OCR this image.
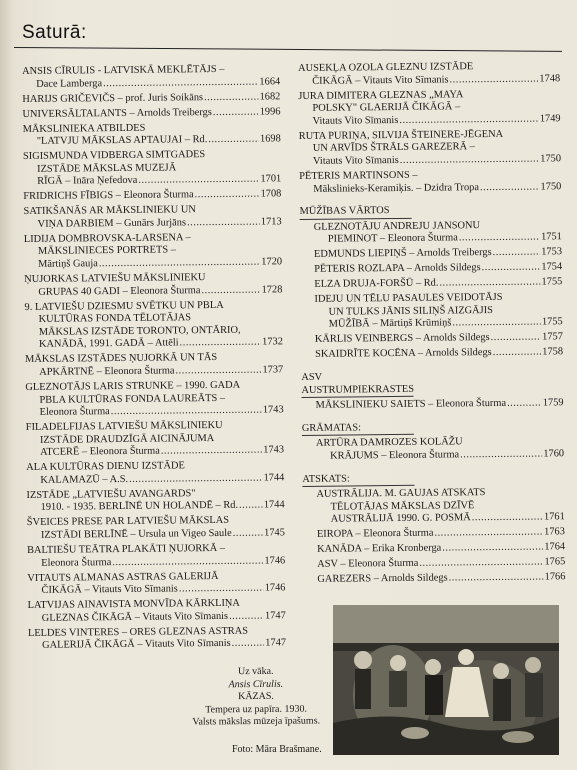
Saturā:
ANSIS CĪRULIS - LATVISKĀ MEKLĒTĀJS –
Dace Lamberga .....	1664
HARIJS GRIČEVIČS – prof. Juris Soikāns .....	1682
UNIVERSĀLTALANTS – Arnolds Treibergs .....	1996
MĀKSLINIEKA ATBILDES
"LATVJU MĀKSLAS APTAUJAI – Rd. .....	1698
SIGISMUNDA VIDBERGA SIMTGADES
IZSTĀDE MĀKSLAS MUZEJĀ
RĪGĀ – Ināra Ņefedova .....	1701
FRIDRICHS FĪBIGS – Eleonora Šturma .....	1708
SATIKŠANĀS AR MĀKSLINIEKU UN
VIŅA DARBIEM – Gunārs Jurjāns .....	1713
LIDIJA DOMBROVSKA-LARSENA –
MĀKSLINIECES PORTRETS –
Mārtiņš Gauja .....	1720
ŅUJORKAS LATVIEŠU MĀKSLINIEKU
GRUPAS 40 GADI – Eleonora Šturma .....	1728
9. LATVIEŠU DZIESMU SVĒTKU UN PBLA
KULTŪRAS FONDA TĒLOTĀJAS
MĀKSLAS IZSTĀDE TORONTO, ONTĀRIO,
KANĀDĀ, 1991. GADĀ – Attēli .....	1732
MĀKSLAS IZSTĀDES ŅUJORKĀ UN TĀS
APKĀRTNĒ – Eleonora Šturma .....	1737
GLEZNOTĀJS LARIS STRUNKE – 1990. GADA
PBLA KULTŪRAS FONDA LAUREĀTS –
Eleonora Šturma .....	1743
FILADELFIJAS LATVIEŠU MĀKSLINIEKU
IZSTĀDE DRAUDZĪGĀ AICINĀJUMA
ATCERĒ – Eleonora Šturma .....	1743
ALA KULTŪRAS DIENU IZSTĀDE
KALAMAZŪ – A.S. .....	1744
IZSTĀDE „LATVIEŠU AVANGARDS"
1910. - 1935. BERLĪNĒ UN HOLANDĒ – Rd. ..... 1744
ŠVEICES PRESE PAR LATVIEŠU MĀKSLAS
IZSTĀDI BERLĪNĒ – Ursula un Vigeo Saule .....	1745
BALTIEŠU TEĀTRA PLAKĀTI ŅUJORKĀ –
Eleonora Šturma .....	1746
VITAUTS ALMANAS ASTRAS GALERIJĀ
ČIKĀGĀ – Vitauts Vito Sīmanis .....	1746
LATVIJAS AINAVISTA MONVĪDA KĀRKLIŅA
GLEZNAS ČIKĀGĀ – Vitauts Vito Sīmanis .....	1747
LELDES VINTERES – ORES GLEZNAS ASTRAS
GALERIJĀ ČIKĀGĀ – Vitauts Vito Sīmanis .....	1747
AUSEKĻA OZOLA GLEZNU IZSTĀDE
ČIKĀGĀ – Vitauts Vito Sīmanis .....	1748
JURA DIMITERA GLEZNAS „MAYA
POLSKY" GLAERIJĀ ČIKĀGĀ –
Vitauts Vito Sīmanis .....	1749
RUTA PURIŅA, SILVIJA ŠTEINERE-JĒGENA
UN ARVĪDS ŠTRĀLS GAREZERĀ –
Vitauts Vito Sīmanis .....	1750
PĒTERIS MARTINSONS –
Mākslinieks-Keramiķis. – Dzidra Tropa .....	1750
MŪŽĪBAS VĀRTOS
GLEZNOTĀJU ANDREJU JANSONU
PIEMINOT – Eleonora Šturma .....	1751
EDMUNDS LIEPIŅŠ – Arnolds Treibergs .....	1753
PĒTERIS ROZLAPA – Arnolds Sildegs .....	1754
ELZA DRUJA-FORŠŪ – Rd. .....	1755
IDEJU UN TĒLU PASAULES VEIDOTĀJS
UN TULKS JĀNIS SILIŅŠ AIZGĀJIS
MŪŽĪBĀ – Mārtiņš Krūmiņš .....	1755
KĀRLIS VEINBERGS – Arnolds Sildegs .....	1757
SKAIDRĪTE KOCĒNA – Arnolds Sildegs .....	1758
ASV AUSTRUMPIEKRASTES
MĀKSLINIEKU SAIETS – Eleonora Šturma .....	1759
GRĀMATAS:
ARTŪRA DAMROZES KOLĀŽU
KRĀJUMS – Eleonora Šturma .....	1760
ATSKATS:
AUSTRĀLIJA. M. GAUJAS ATSKATS
TĒLOTĀJAS MĀKSLAS DZĪVĒ
AUSTRĀLIJĀ 1990. G. POSMĀ .....	1761
EIROPA – Eleonora Šturma .....	1763
KANĀDA – Erika Kronberga .....	1764
ASV – Eleonora Šturma .....	1765
GAREZERS – Arnolds Sildegs .....	1766
Uz vāka.
Ansis Cīrulis.
KĀZAS.
Tempera uz papīra. 1930.
Valsts mākslas mūzeja īpašums.
Foto: Māra Brašmane.
